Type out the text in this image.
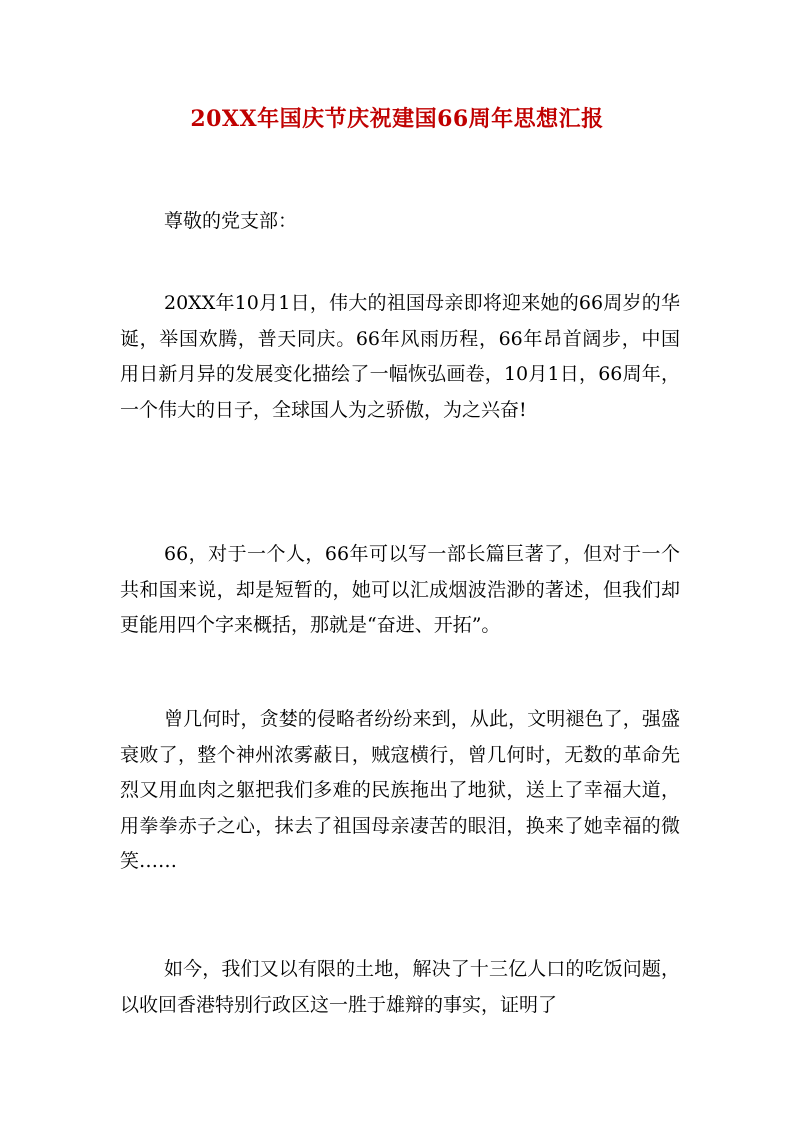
20XX年国庆节庆祝建国66周年思想汇报

尊敬的党支部：

20XX年10月1日，伟大的祖国母亲即将迎来她的66周岁的华诞，举国欢腾，普天同庆。66年风雨历程，66年昂首阔步，中国用日新月异的发展变化描绘了一幅恢弘画卷，10月1日，66周年，一个伟大的日子，全球国人为之骄傲，为之兴奋!

66，对于一个人，66年可以写一部长篇巨著了，但对于一个共和国来说，却是短暂的，她可以汇成烟波浩渺的著述，但我们却更能用四个字来概括，那就是“奋进、开拓”。

曾几何时，贪婪的侵略者纷纷来到，从此，文明褪色了，强盛衰败了，整个神州浓雾蔽日，贼寇横行，曾几何时，无数的革命先烈又用血肉之躯把我们多难的民族拖出了地狱，送上了幸福大道，用拳拳赤子之心，抹去了祖国母亲凄苦的眼泪，换来了她幸福的微笑……

如今，我们又以有限的土地，解决了十三亿人口的吃饭问题，以收回香港特别行政区这一胜于雄辩的事实，证明了
